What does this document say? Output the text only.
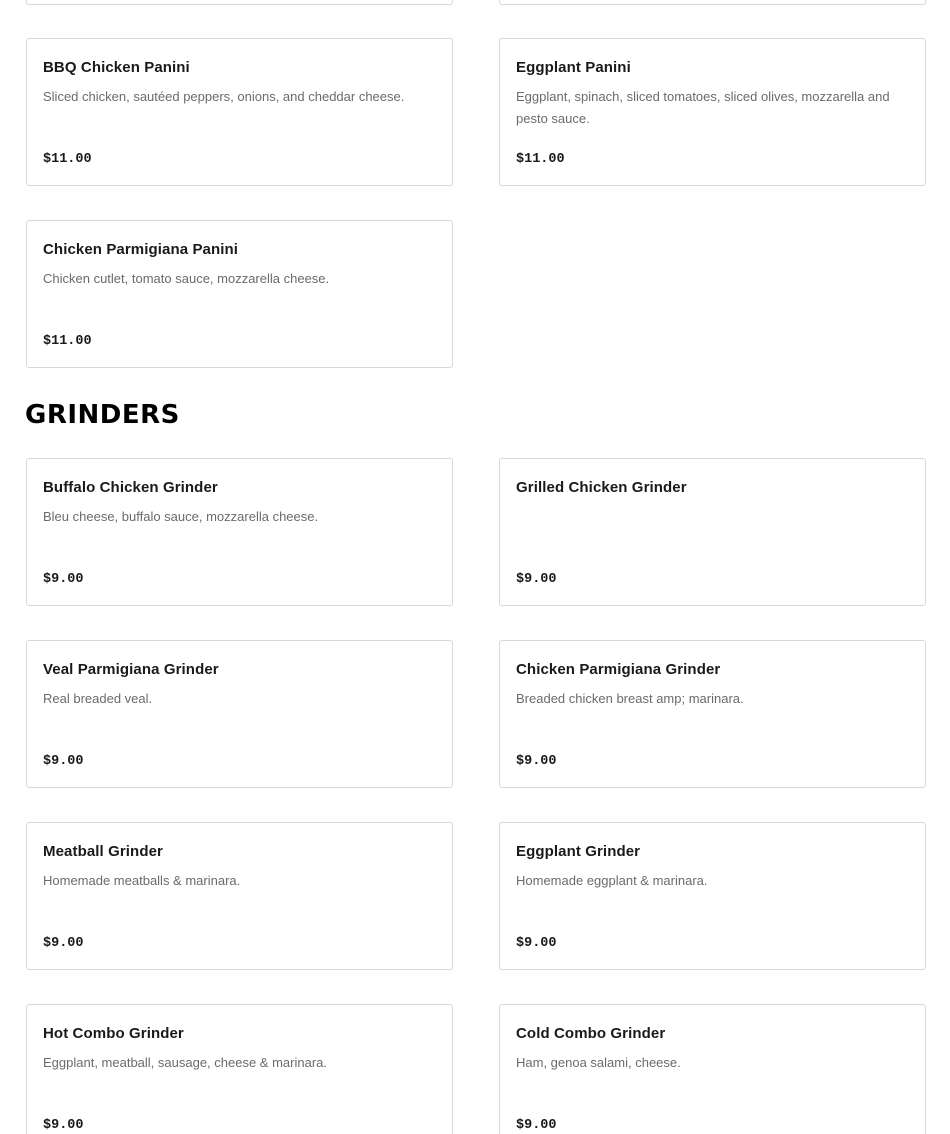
BBQ Chicken Panini
Sliced chicken, sautéed peppers, onions, and cheddar cheese.
$11.00
Eggplant Panini
Eggplant, spinach, sliced tomatoes, sliced olives, mozzarella and pesto sauce.
$11.00
Chicken Parmigiana Panini
Chicken cutlet, tomato sauce, mozzarella cheese.
$11.00
GRINDERS
Buffalo Chicken Grinder
Bleu cheese, buffalo sauce, mozzarella cheese.
$9.00
Grilled Chicken Grinder
$9.00
Veal Parmigiana Grinder
Real breaded veal.
$9.00
Chicken Parmigiana Grinder
Breaded chicken breast amp; marinara.
$9.00
Meatball Grinder
Homemade meatballs & marinara.
$9.00
Eggplant Grinder
Homemade eggplant & marinara.
$9.00
Hot Combo Grinder
Eggplant, meatball, sausage, cheese & marinara.
$9.00
Cold Combo Grinder
Ham, genoa salami, cheese.
$9.00
